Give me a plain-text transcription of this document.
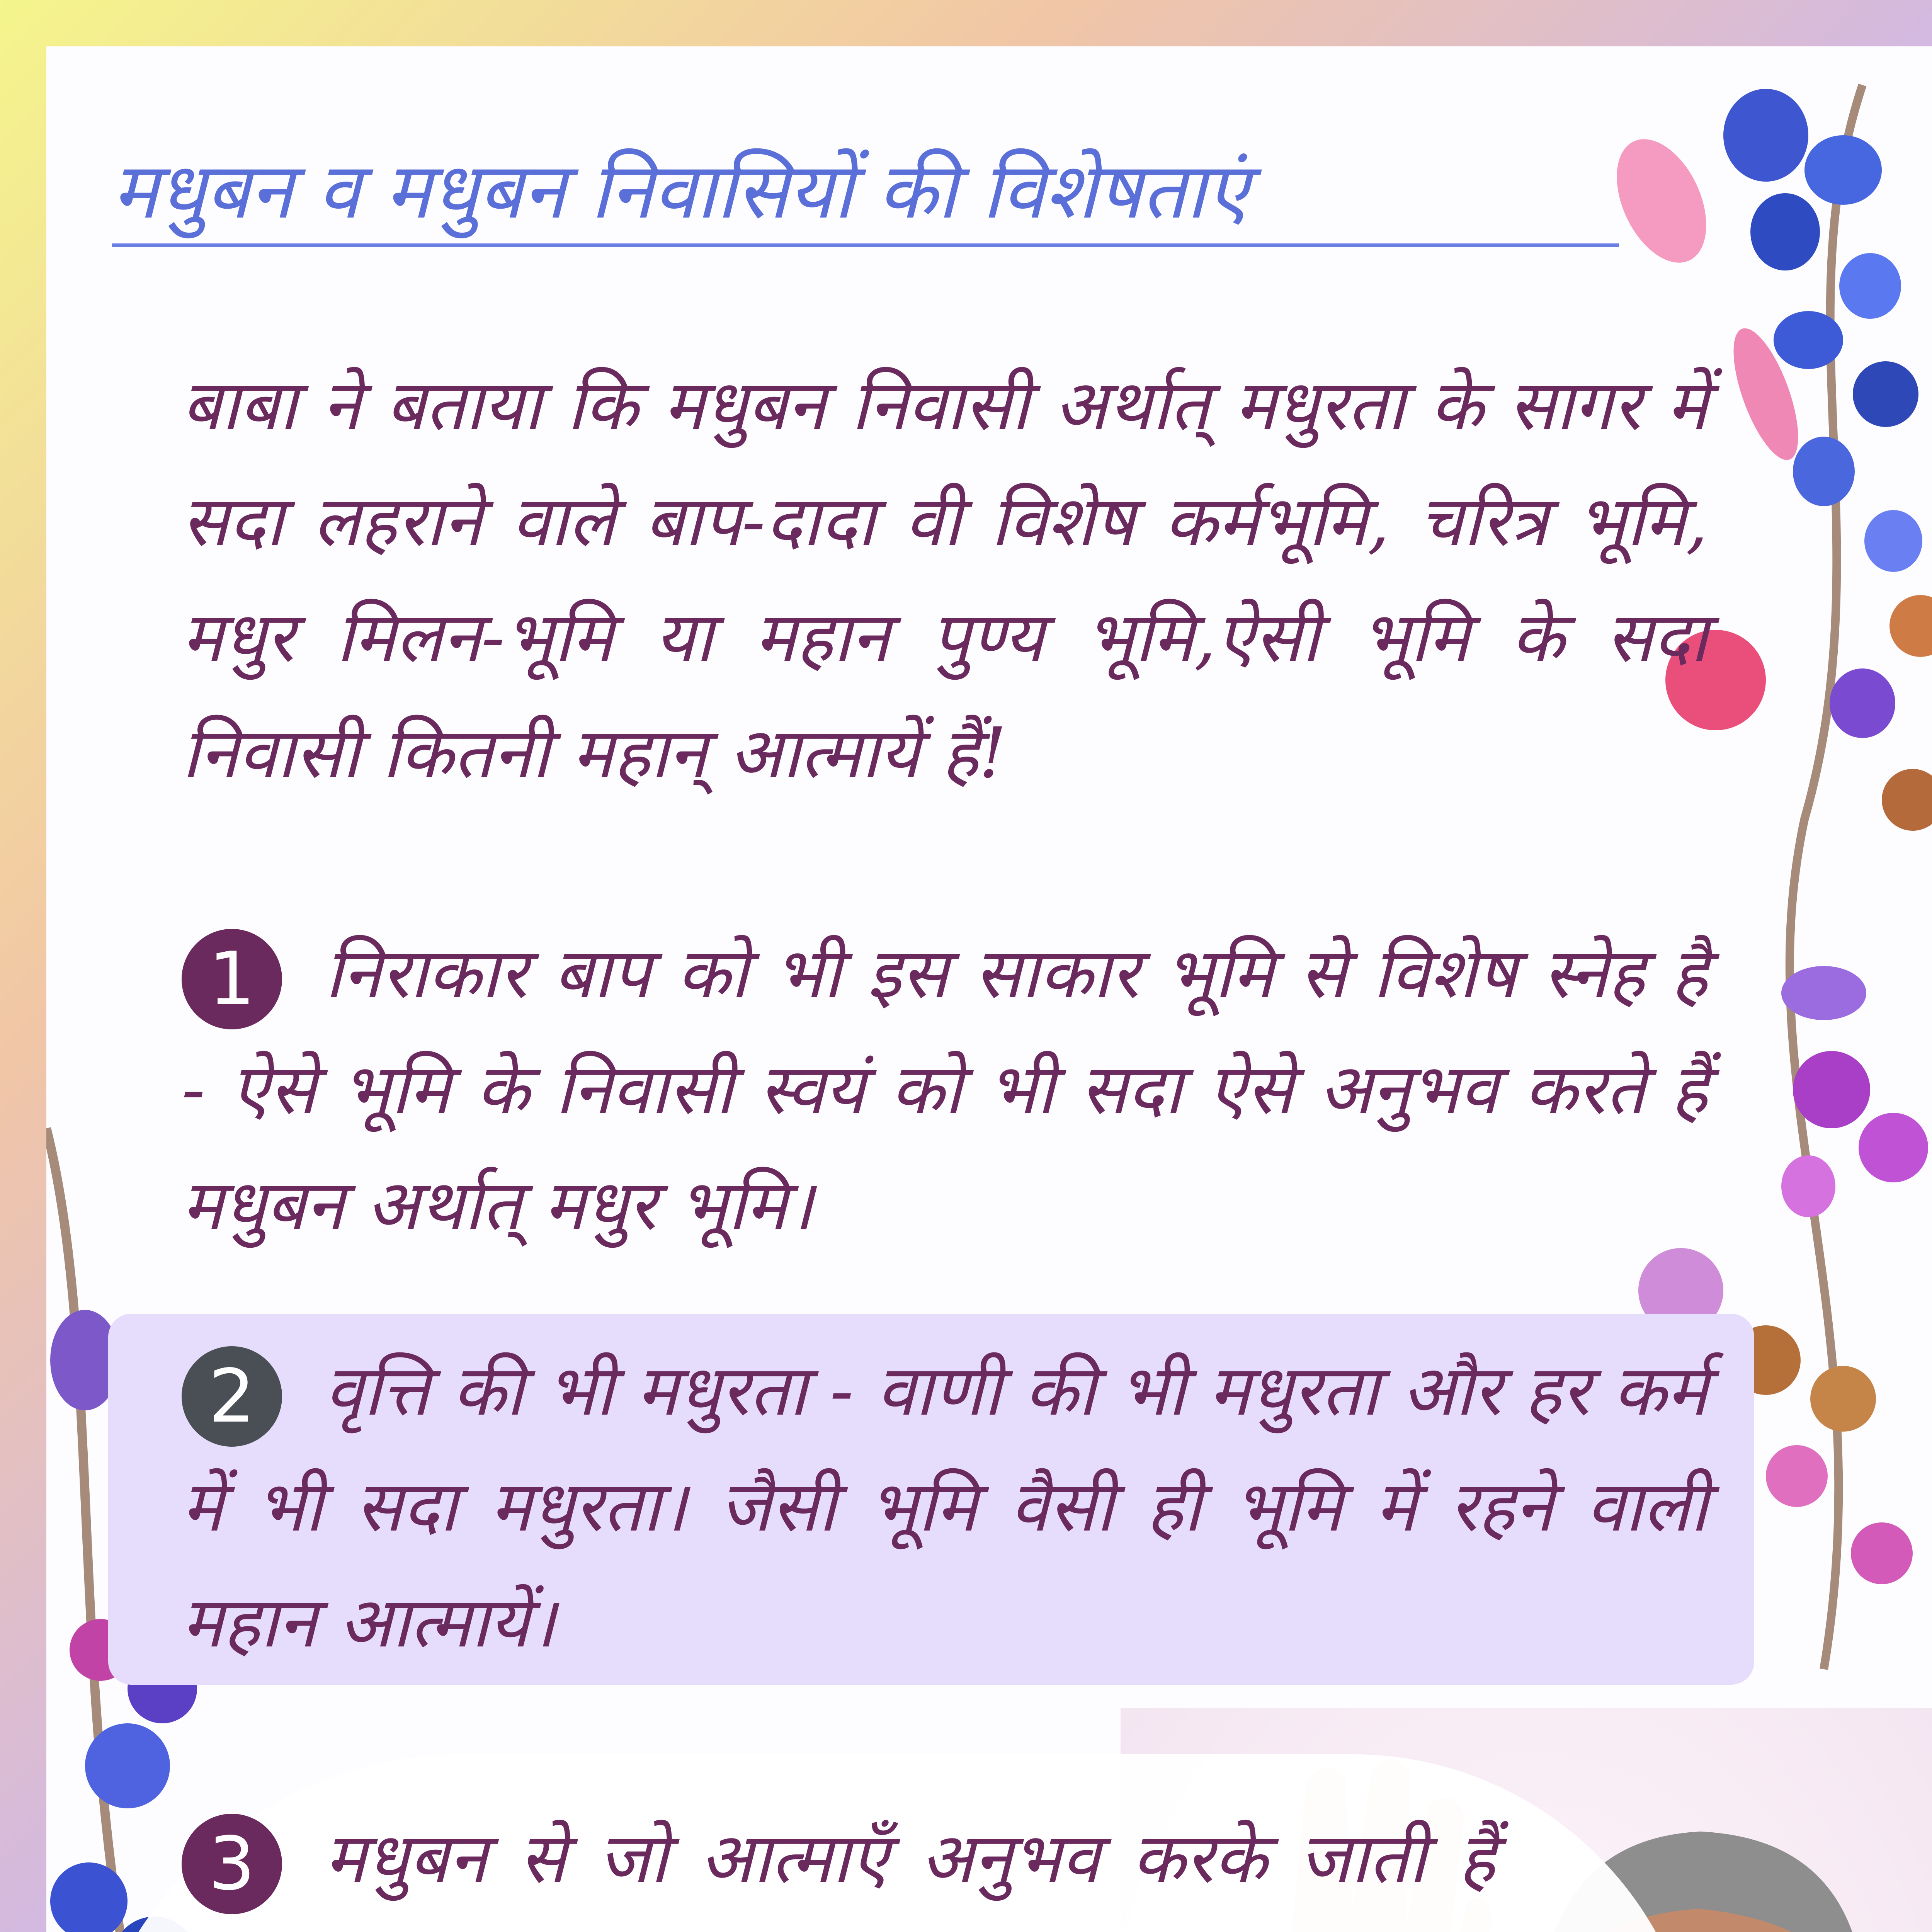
मधुबन व मधुबन निवासियों की विशेषताएं
बाबा ने बताया कि मधुबन निवासी अर्थात् मधुरता के सागर में सदा लहराने वाले बाप-दादा वी विशेष कर्मभूमि, चरित्र भूमि, मधुर मिलन-भूमि या महान पुण्य भूमि,ऐसी भूमि के सदा निवासी कितनी महान् आत्मायें हैं!
1 निराकार बाप को भी इस साकार भूमि से विशेष स्नेह है - ऐसे भूमि के निवासी स्वयं को भी सदा ऐसे अनुभव करते हैं मधुबन अर्थात् मधुर भूमि।
2 वृत्ति की भी मधुरता - वाणी की भी मधुरता और हर कर्म में भी सदा मधुरता। जैसी भूमि वैसी ही भूमि में रहने वाली महान आत्मायें।
3 मधुबन से जो आत्माएँ अनुभव करके जाती हैं
